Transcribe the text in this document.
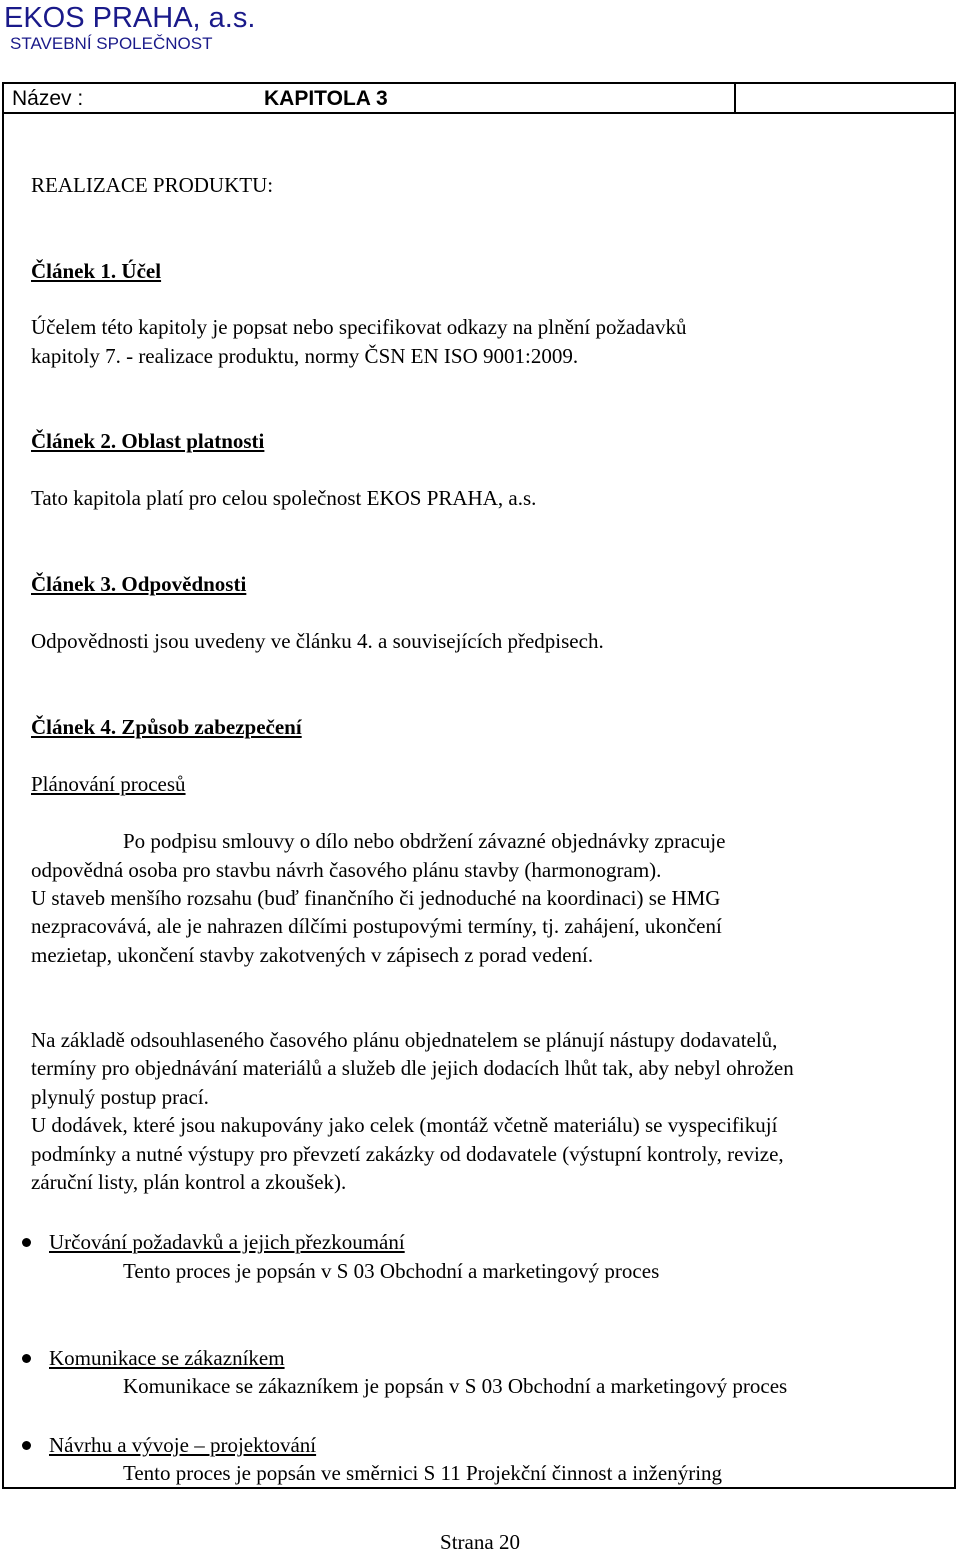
EKOS PRAHA, a.s.
STAVEBNÍ SPOLEČNOST
Název :	KAPITOLA 3
REALIZACE PRODUKTU:
Článek 1. Účel
Účelem této kapitoly je popsat nebo specifikovat odkazy na plnění požadavků
kapitoly 7. - realizace produktu, normy ČSN EN ISO 9001:2009.
Článek 2. Oblast platnosti
Tato kapitola platí pro celou společnost EKOS PRAHA, a.s.
Článek 3. Odpovědnosti
Odpovědnosti jsou uvedeny ve článku 4. a souvisejících předpisech.
Článek 4. Způsob zabezpečení
Plánování procesů
Po podpisu smlouvy o dílo nebo obdržení závazné objednávky zpracuje
odpovědná osoba pro stavbu návrh časového plánu stavby (harmonogram).
U staveb menšího rozsahu (buď finančního či jednoduché na koordinaci) se HMG
nezpracovává, ale je nahrazen dílčími postupovými termíny, tj. zahájení, ukončení
mezietap, ukončení stavby zakotvených v zápisech z porad vedení.
Na základě odsouhlaseného časového plánu objednatelem se plánují nástupy dodavatelů,
termíny pro objednávání materiálů a služeb dle jejich dodacích lhůt tak, aby nebyl ohrožen
plynulý postup prací.
U dodávek, které jsou nakupovány jako celek (montáž včetně materiálu) se vyspecifikují
podmínky a nutné výstupy pro převzetí zakázky od dodavatele (výstupní kontroly, revize,
záruční listy, plán kontrol a zkoušek).
Určování požadavků a jejich přezkoumání
Tento proces je popsán v S 03 Obchodní a marketingový proces
Komunikace se zákazníkem
Komunikace se zákazníkem je popsán v S 03 Obchodní a marketingový proces
Návrhu a vývoje – projektování
Tento proces je popsán ve směrnici S 11 Projekční činnost a inženýring
Strana 20
